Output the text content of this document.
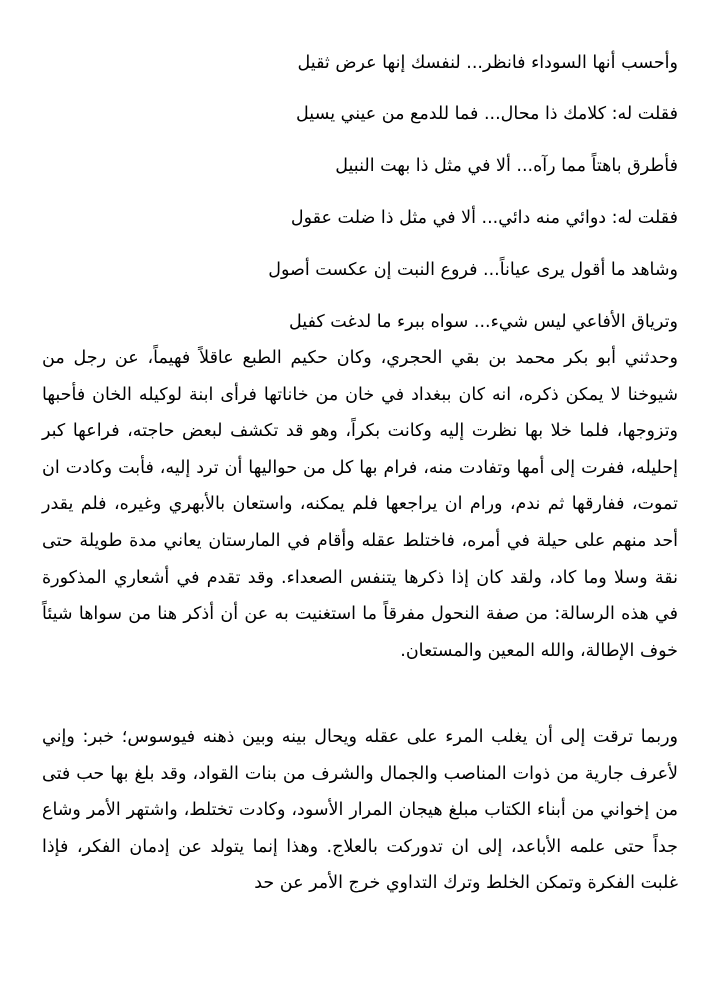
وأحسب أنها السوداء فانظر... لنفسك إنها عرض ثقيل
فقلت له: كلامك ذا محال... فما للدمع من عيني يسيل
فأطرق باهتاً مما رآه... ألا في مثل ذا بهت النبيل
فقلت له: دوائي منه دائي... ألا في مثل ذا ضلت عقول
وشاهد ما أقول يرى عياناً... فروع النبت إن عكست أصول
وترياق الأفاعي ليس شيء... سواه ببرء ما لدغت كفيل

وحدثني أبو بكر محمد بن بقي الحجري، وكان حكيم الطبع عاقلاً فهيماً، عن رجل من شيوخنا لا يمكن ذكره، انه كان ببغداد في خان من خاناتها فرأى ابنة لوكيله الخان فأحبها وتزوجها، فلما خلا بها نظرت إليه وكانت بكراً، وهو قد تكشف لبعض حاجته، فراعها كبر إحليله، ففرت إلى أمها وتفادت منه، فرام بها كل من حواليها أن ترد إليه، فأبت وكادت ان تموت، ففارقها ثم ندم، ورام ان يراجعها فلم يمكنه، واستعان بالأبهري وغيره، فلم يقدر أحد منهم على حيلة في أمره، فاختلط عقله وأقام في المارستان يعاني مدة طويلة حتى نقة وسلا وما كاد، ولقد كان إذا ذكرها يتنفس الصعداء. وقد تقدم في أشعاري المذكورة في هذه الرسالة: من صفة النحول مفرقاً ما استغنيت به عن أن أذكر هنا من سواها شيئاً خوف الإطالة، والله المعين والمستعان.

وربما ترقت إلى أن يغلب المرء على عقله ويحال بينه وبين ذهنه فيوسوس؛ خبر: وإني لأعرف جارية من ذوات المناصب والجمال والشرف من بنات القواد، وقد بلغ بها حب فتى من إخواني من أبناء الكتاب مبلغ هيجان المرار الأسود، وكادت تختلط، واشتهر الأمر وشاع جداً حتى علمه الأباعد، إلى ان تدوركت بالعلاج. وهذا إنما يتولد عن إدمان الفكر، فإذا غلبت الفكرة وتمكن الخلط وترك التداوي خرج الأمر عن حد
